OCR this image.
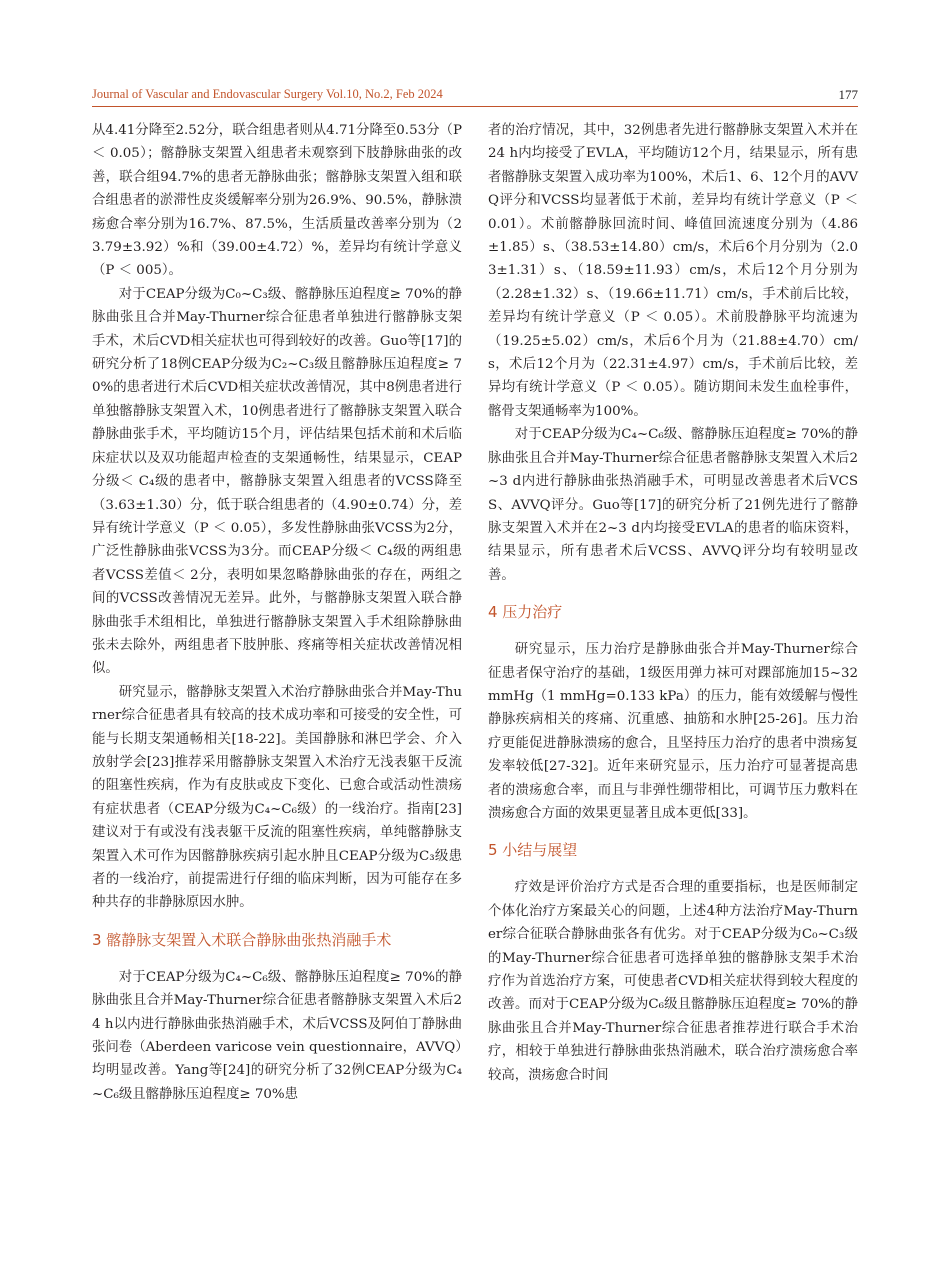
Journal of Vascular and Endovascular Surgery Vol.10, No.2, Feb 2024	177

从4.41分降至2.52分，联合组患者则从4.71分降至0.53分（P ＜ 0.05）；髂静脉支架置入组患者未观察到下肢静脉曲张的改善，联合组94.7%的患者无静脉曲张；髂静脉支架置入组和联合组患者的淤滞性皮炎缓解率分别为26.9%、90.5%，静脉溃疡愈合率分别为16.7%、87.5%，生活质量改善率分别为（23.79±3.92）%和（39.00±4.72）%，差异均有统计学意义（P ＜ 005）。

对于CEAP分级为C₀~C₃级、髂静脉压迫程度≥ 70%的静脉曲张且合并May-Thurner综合征患者单独进行髂静脉支架手术，术后CVD相关症状也可得到较好的改善。Guo等[17]的研究分析了18例CEAP分级为C₂~C₃级且髂静脉压迫程度≥ 70%的患者进行术后CVD相关症状改善情况，其中8例患者进行单独髂静脉支架置入术，10例患者进行了髂静脉支架置入联合静脉曲张手术，平均随访15个月，评估结果包括术前和术后临床症状以及双功能超声检查的支架通畅性，结果显示，CEAP分级＜ C₄级的患者中，髂静脉支架置入组患者的VCSS降至（3.63±1.30）分，低于联合组患者的（4.90±0.74）分，差异有统计学意义（P ＜ 0.05），多发性静脉曲张VCSS为2分，广泛性静脉曲张VCSS为3分。而CEAP分级＜ C₄级的两组患者VCSS差值＜ 2分，表明如果忽略静脉曲张的存在，两组之间的VCSS改善情况无差异。此外，与髂静脉支架置入联合静脉曲张手术组相比，单独进行髂静脉支架置入手术组除静脉曲张未去除外，两组患者下肢肿胀、疼痛等相关症状改善情况相似。

研究显示，髂静脉支架置入术治疗静脉曲张合并May-Thurner综合征患者具有较高的技术成功率和可接受的安全性，可能与长期支架通畅相关[18-22]。美国静脉和淋巴学会、介入放射学会[23]推荐采用髂静脉支架置入术治疗无浅表躯干反流的阻塞性疾病，作为有皮肤或皮下变化、已愈合或活动性溃疡有症状患者（CEAP分级为C₄~C₆级）的一线治疗。指南[23]建议对于有或没有浅表躯干反流的阻塞性疾病，单纯髂静脉支架置入术可作为因髂静脉疾病引起水肿且CEAP分级为C₃级患者的一线治疗，前提需进行仔细的临床判断，因为可能存在多种共存的非静脉原因水肿。

3 髂静脉支架置入术联合静脉曲张热消融手术

对于CEAP分级为C₄~C₆级、髂静脉压迫程度≥ 70%的静脉曲张且合并May-Thurner综合征患者髂静脉支架置入术后24 h以内进行静脉曲张热消融手术，术后VCSS及阿伯丁静脉曲张问卷（Aberdeen varicose vein questionnaire，AVVQ）均明显改善。Yang等[24]的研究分析了32例CEAP分级为C₄~C₆级且髂静脉压迫程度≥ 70%患

者的治疗情况，其中，32例患者先进行髂静脉支架置入术并在24 h内均接受了EVLA，平均随访12个月，结果显示，所有患者髂静脉支架置入成功率为100%，术后1、6、12个月的AVVQ评分和VCSS均显著低于术前，差异均有统计学意义（P ＜ 0.01）。术前髂静脉回流时间、峰值回流速度分别为（4.86±1.85）s、（38.53±14.80）cm/s，术后6个月分别为（2.03±1.31）s、（18.59±11.93）cm/s，术后12个月分别为（2.28±1.32）s、（19.66±11.71）cm/s，手术前后比较，差异均有统计学意义（P ＜ 0.05）。术前股静脉平均流速为（19.25±5.02）cm/s，术后6个月为（21.88±4.70）cm/s，术后12个月为（22.31±4.97）cm/s，手术前后比较，差异均有统计学意义（P ＜ 0.05）。随访期间未发生血栓事件，髂骨支架通畅率为100%。

对于CEAP分级为C₄~C₆级、髂静脉压迫程度≥ 70%的静脉曲张且合并May-Thurner综合征患者髂静脉支架置入术后2~3 d内进行静脉曲张热消融手术，可明显改善患者术后VCSS、AVVQ评分。Guo等[17]的研究分析了21例先进行了髂静脉支架置入术并在2~3 d内均接受EVLA的患者的临床资料，结果显示，所有患者术后VCSS、AVVQ评分均有较明显改善。

4 压力治疗

研究显示，压力治疗是静脉曲张合并May-Thurner综合征患者保守治疗的基础，1级医用弹力袜可对踝部施加15~32 mmHg（1 mmHg=0.133 kPa）的压力，能有效缓解与慢性静脉疾病相关的疼痛、沉重感、抽筋和水肿[25-26]。压力治疗更能促进静脉溃疡的愈合，且坚持压力治疗的患者中溃疡复发率较低[27-32]。近年来研究显示，压力治疗可显著提高患者的溃疡愈合率，而且与非弹性绷带相比，可调节压力敷料在溃疡愈合方面的效果更显著且成本更低[33]。

5 小结与展望

疗效是评价治疗方式是否合理的重要指标，也是医师制定个体化治疗方案最关心的问题，上述4种方法治疗May-Thurner综合征联合静脉曲张各有优劣。对于CEAP分级为C₀~C₃级的May-Thurner综合征患者可选择单独的髂静脉支架手术治疗作为首选治疗方案，可使患者CVD相关症状得到较大程度的改善。而对于CEAP分级为C₆级且髂静脉压迫程度≥ 70%的静脉曲张且合并May-Thurner综合征患者推荐进行联合手术治疗，相较于单独进行静脉曲张热消融术，联合治疗溃疡愈合率较高，溃疡愈合时间
